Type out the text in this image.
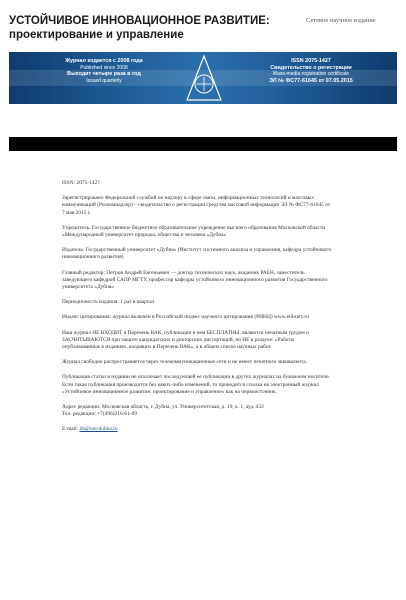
УСТОЙЧИВОЕ ИННОВАЦИОННОЕ РАЗВИТИЕ: проектирование и управление
Сетевое научное издание
Журнал издается с 2008 года
Published since 2008
Выходит четыре раза в год
Issued quarterly
ISSN 2075-1427
Свидетельство о регистрации
Mass-media registration certificate
ЭЛ № ФС77-61645 от 07.05.2015

ISSN: 2075-1427

Зарегистрировано Федеральной службой по надзору в сфере связи, информационных технологий и массовых коммуникаций (Роскомнадзор) – свидетельство о регистрации средства массовой информации ЭЛ № ФС77-61645 от 7 мая 2015 г.

Учредитель: Государственное бюджетное образовательное учреждение высшего образования Московской области «Международный университет природы, общества и человека «Дубна»

Издатель: Государственный университет «Дубна» (Институт системного анализа и управления, кафедра устойчивого инновационного развития)

Главный редактор: Петров Андрей Евгеньевич — доктор технических наук, академик РАЕН, заместитель заведующего кафедрой САПР МГТУ, профессор кафедры устойчивого инновационного развития Государственного университета «Дубна»

Периодичность издания: 1 раз в квартал

Индекс цитирования: журнал включён в Российский индекс научного цитирования (РИНЦ) www.elibrary.ru

Наш журнал НЕ ВХОДИТ в Перечень ВАК, публикации в нем БЕСПЛАТНЫ, являются печатным трудом и ЗАСЧИТЫВАЮТСЯ при защите кандидатских и докторских диссертаций, но НЕ в разделе: «Работы опубликованные в изданиях, входящих в Перечень ВАК», а в общем списке научных работ.

Журнал свободно распространяется через телекоммуникационные сети и не имеет печатного эквивалента.

Публикация статьи в издании не исключает последующей ее публикации в других журналах на бумажном носителе. Если такая публикация производится без каких-либо изменений, то приводится ссылка на электронный журнал «Устойчивое инновационное развитие: проектирование и управление» как на первоисточник.

Адрес редакции: Московская область, г. Дубна, ул. Университетская, д. 19, к. 1, ауд. 432

Тел. редакции: +7(496)216-61-09

E-mail: hb@uni-dubna.ru
